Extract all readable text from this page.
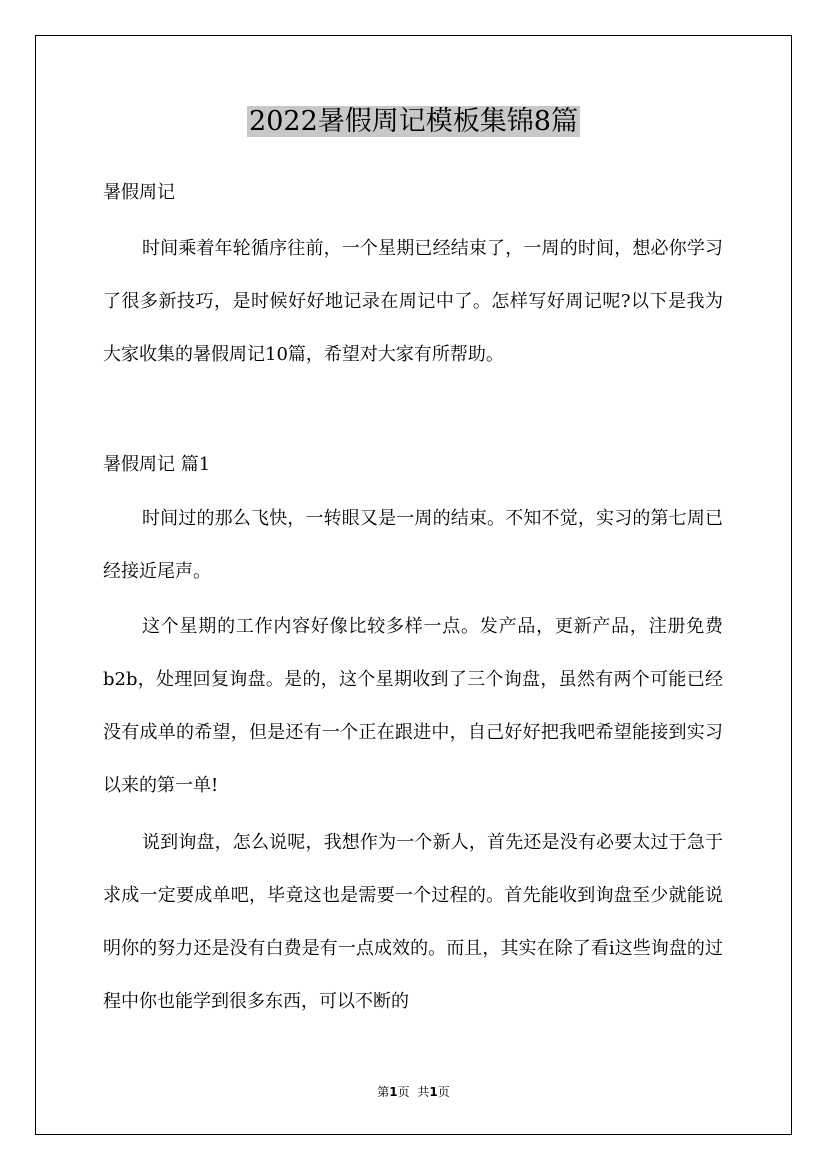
2022暑假周记模板集锦8篇

暑假周记

时间乘着年轮循序往前，一个星期已经结束了，一周的时间，想必你学习了很多新技巧，是时候好好地记录在周记中了。怎样写好周记呢?以下是我为大家收集的暑假周记10篇，希望对大家有所帮助。

暑假周记 篇1

时间过的那么飞快，一转眼又是一周的结束。不知不觉，实习的第七周已经接近尾声。

这个星期的工作内容好像比较多样一点。发产品，更新产品，注册免费b2b，处理回复询盘。是的，这个星期收到了三个询盘，虽然有两个可能已经没有成单的希望，但是还有一个正在跟进中，自己好好把我吧希望能接到实习以来的第一单!

说到询盘，怎么说呢，我想作为一个新人，首先还是没有必要太过于急于求成一定要成单吧，毕竟这也是需要一个过程的。首先能收到询盘至少就能说明你的努力还是没有白费是有一点成效的。而且，其实在除了看i这些询盘的过程中你也能学到很多东西，可以不断的

第1页 共1页
